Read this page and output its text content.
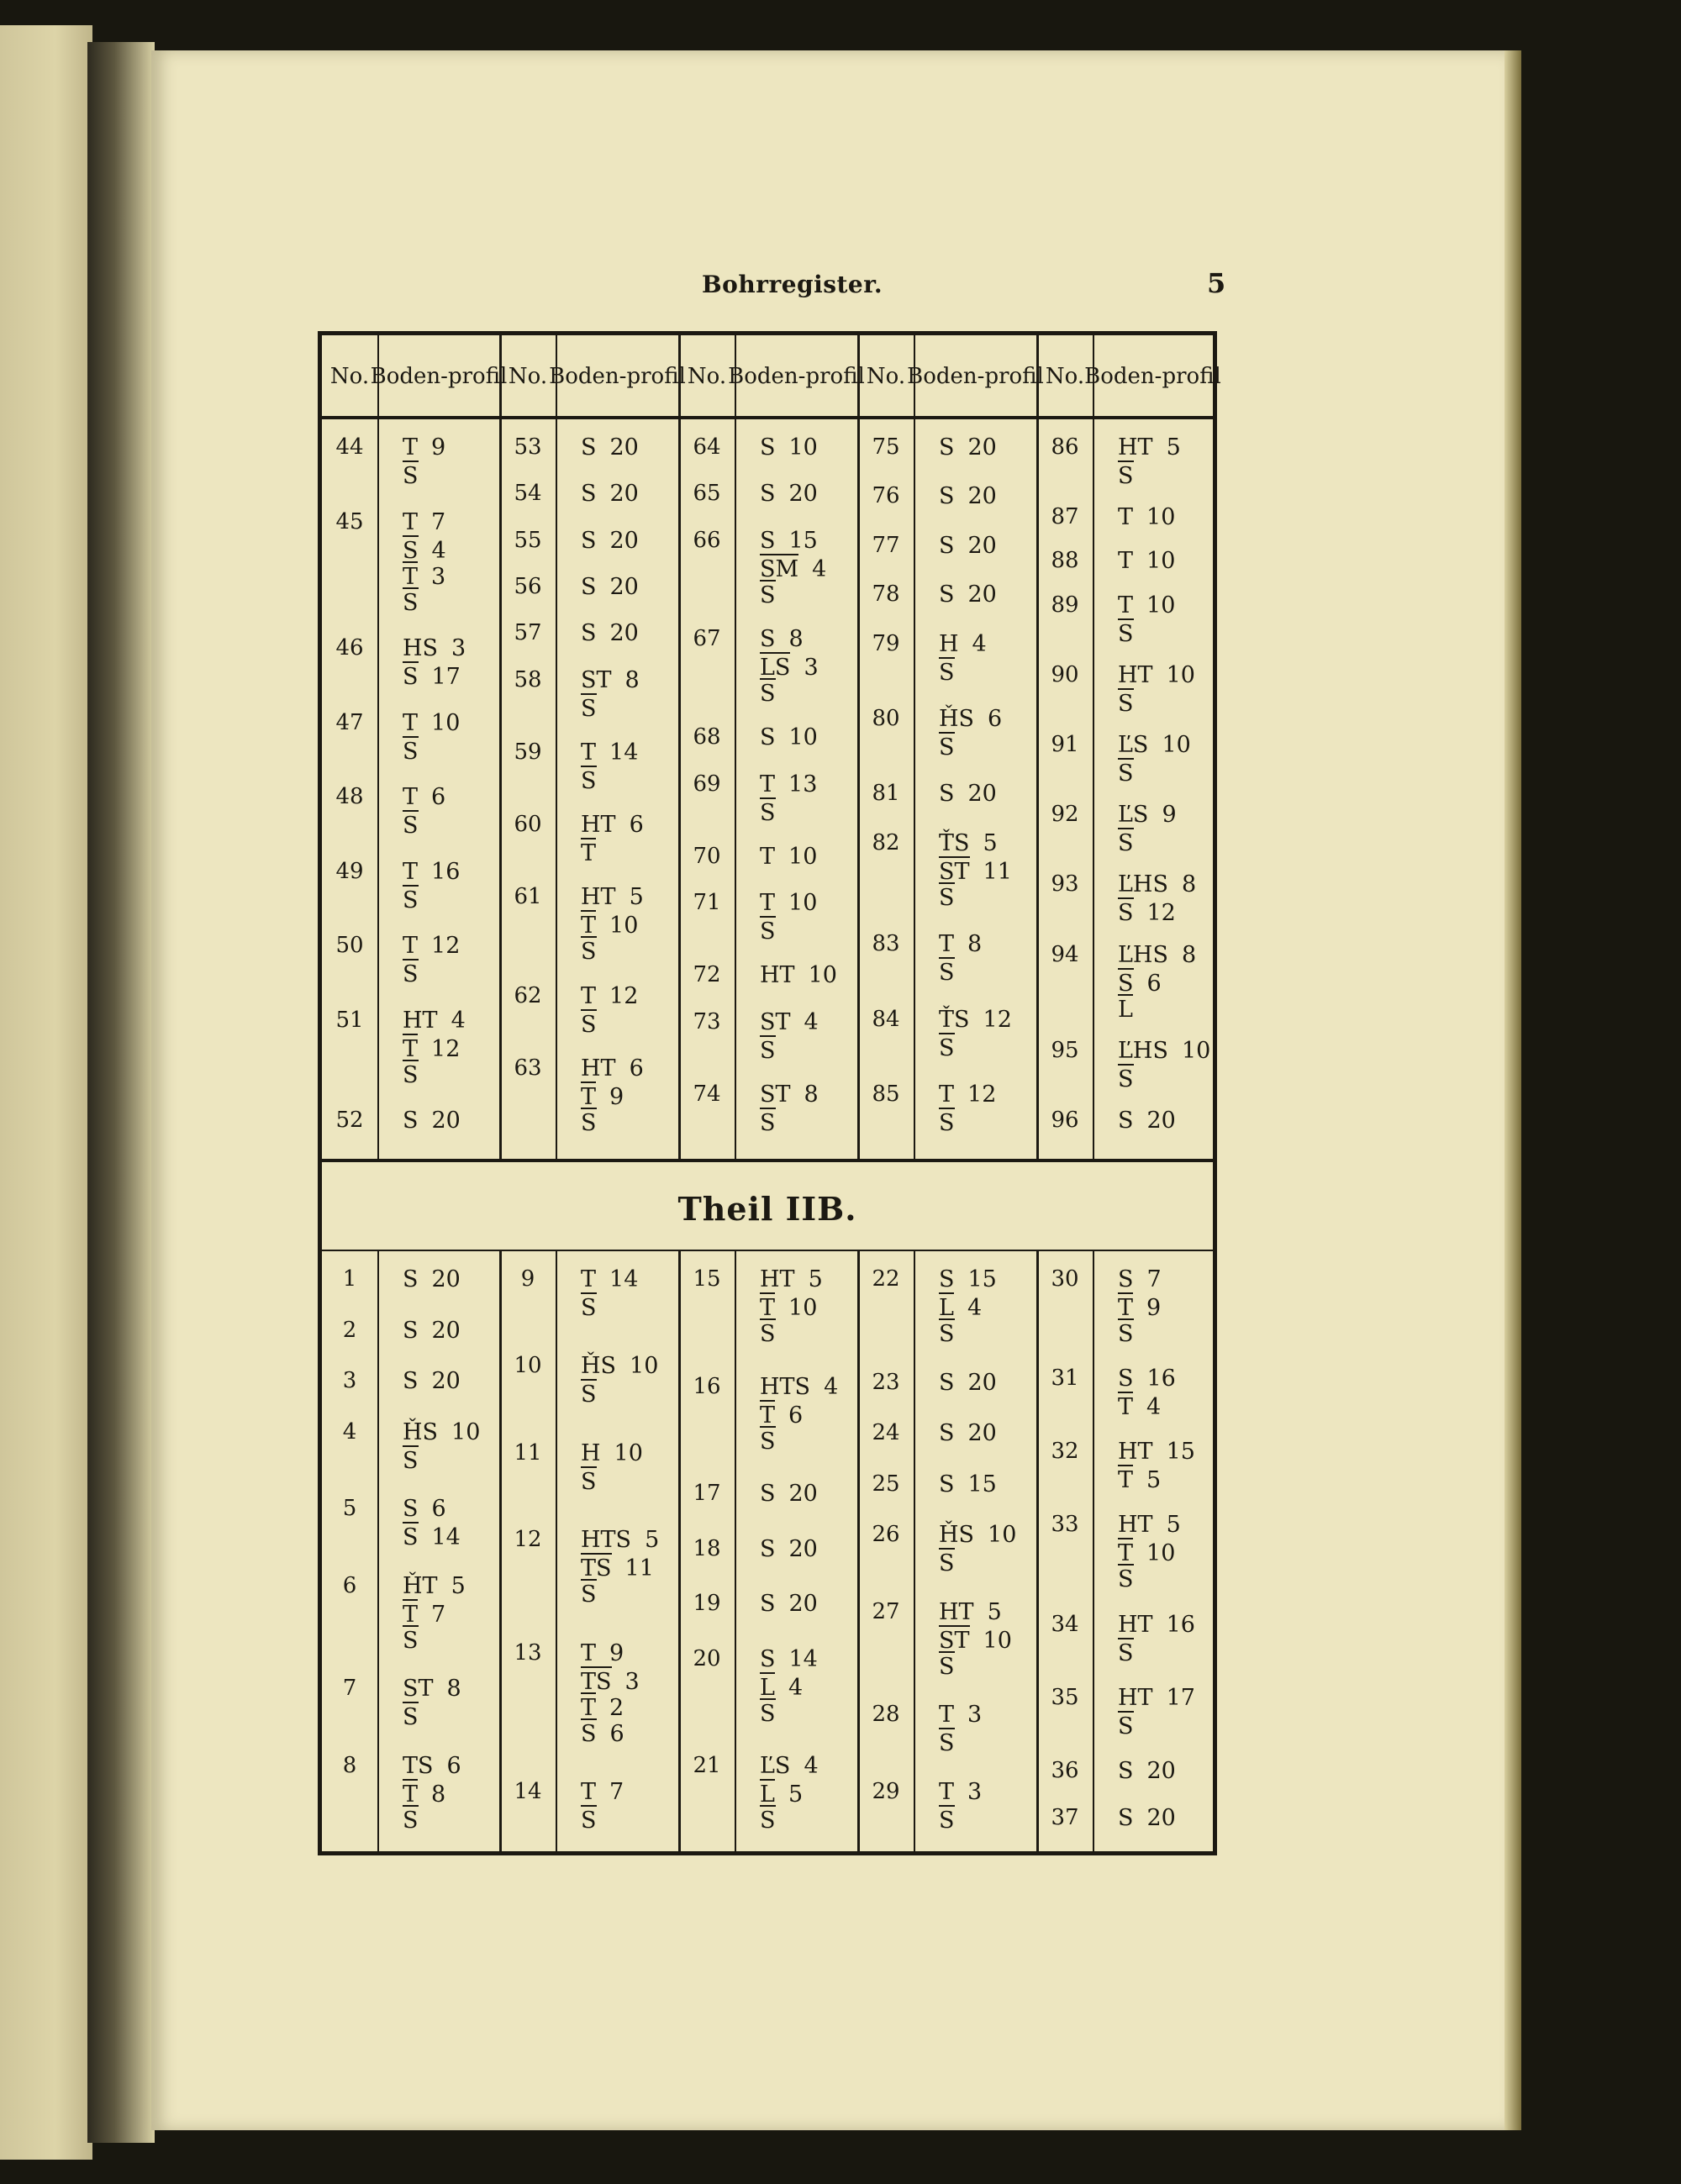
Bohrregister.	5
Theil IIB.
No. Boden- profil No. Boden- profil No. Boden- profil No. Boden- profil No. Boden- profil
44	T 9
S
45	T 7
S 4
T 3
S
46	HS 3
S 17
47	T 10
S
48	T 6
S
49	T 16
S
50	T 12
S
51	HT 4
T 12
S
52	S 20
53	S 20
54	S 20
55	S 20
56	S 20
57	S 20
58	ST 8
S
59	T 14
S
60	HT 6
T
61	HT 5
T 10
S
62	T 12
S
63	HT 6
T 9
S
64	S 10
65	S 20
66	S 15
SM 4
S
67	S 8
LS 3
S
68	S 10
69	T 13
S
70	T 10
71	T 10
S
72	HT 10
73	ST 4
S
74	ST 8
S
75	S 20
76	S 20
77	S 20
78	S 20
79	H 4
S
80	ȞS 6
S
81	S 20
82	ŤS 5
ST 11
S
83	T 8
S
84	ŤS 12
S
85	T 12
S
86	HT 5
S
87	T 10
88	T 10
89	T 10
S
90	HT 10
S
91	ĽS 10
S
92	ĽS 9
S
93	ĽHS 8
S 12
94	ĽHS 8
S 6
L
95	ĽHS 10
S
96	S 20
1	S 20
2	S 20
3	S 20
4	ȞS 10
S
5	S 6
S 14
6	ȞT 5
T 7
S
7	ST 8
S
8	TS 6
T 8
S
9	T 14
S
10	ȞS 10
S
11	H 10
S
12	HTS 5
TS 11
S
13	T 9
TS 3
T 2
S 6
14	T 7
S
15	HT 5
T 10
S
16	HTS 4
T 6
S
17	S 20
18	S 20
19	S 20
20	S 14
L 4
S
21	ĽS 4
L 5
S
22	S 15
L 4
S
23	S 20
24	S 20
25	S 15
26	ȞS 10
S
27	HT 5
ST 10
S
28	T 3
S
29	T 3
S
30	S 7
T 9
S
31	S 16
T 4
32	HT 15
T 5
33	HT 5
T 10
S
34	HT 16
S
35	HT 17
S
36	S 20
37	S 20
